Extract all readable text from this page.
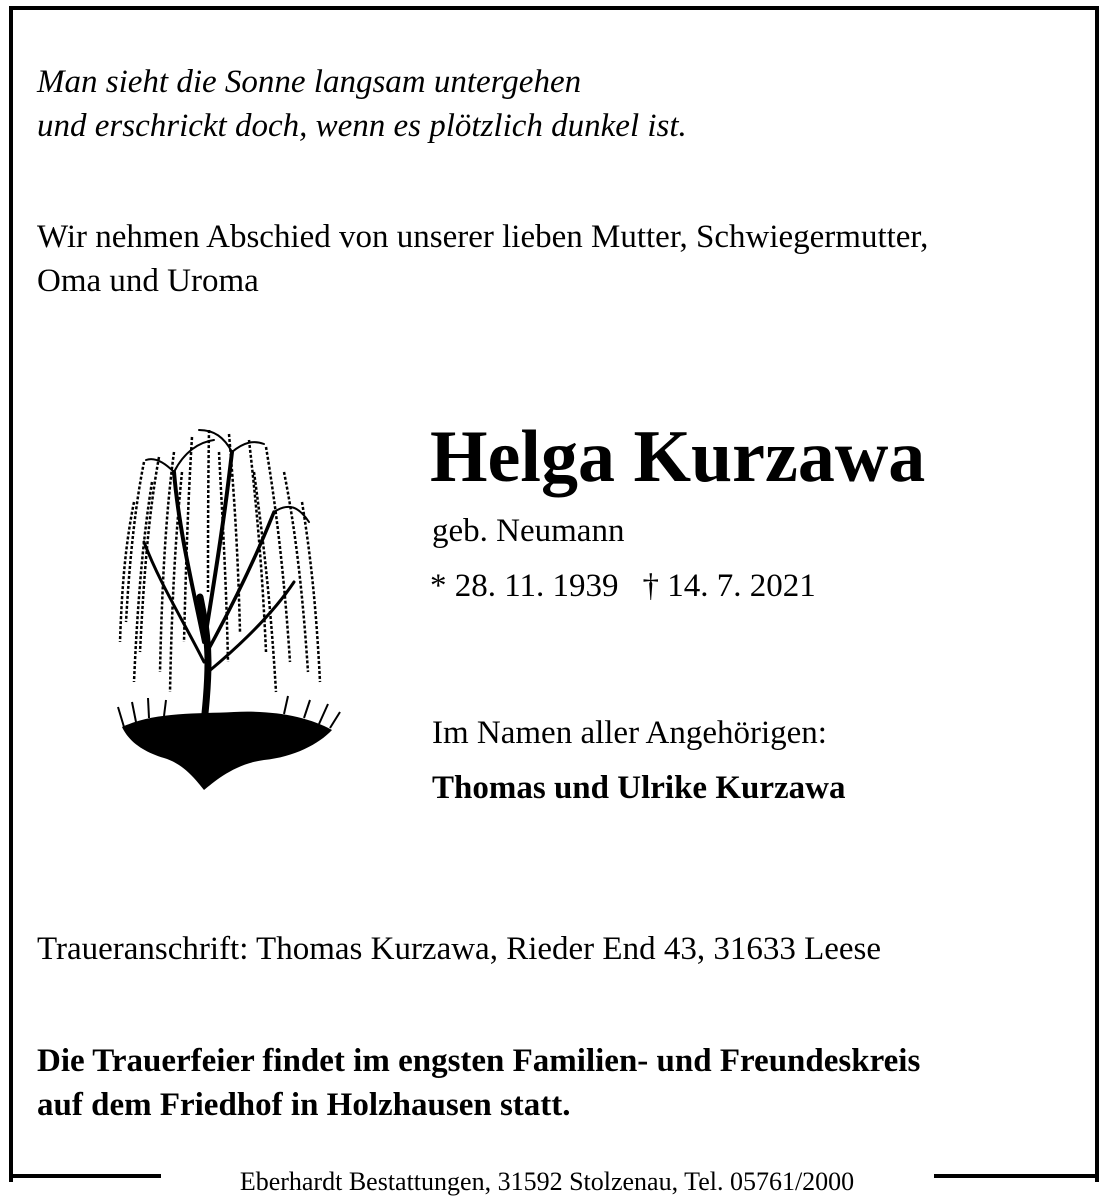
Man sieht die Sonne langsam untergehen
und erschrickt doch, wenn es plötzlich dunkel ist.
Wir nehmen Abschied von unserer lieben Mutter, Schwiegermutter,
Oma und Uroma
Helga Kurzawa
geb. Neumann
* 28. 11. 1939 † 14. 7. 2021
Im Namen aller Angehörigen:
Thomas und Ulrike Kurzawa
Traueranschrift: Thomas Kurzawa, Rieder End 43, 31633 Leese
Die Trauerfeier findet im engsten Familien- und Freundeskreis
auf dem Friedhof in Holzhausen statt.
Eberhardt Bestattungen, 31592 Stolzenau, Tel. 05761/2000
